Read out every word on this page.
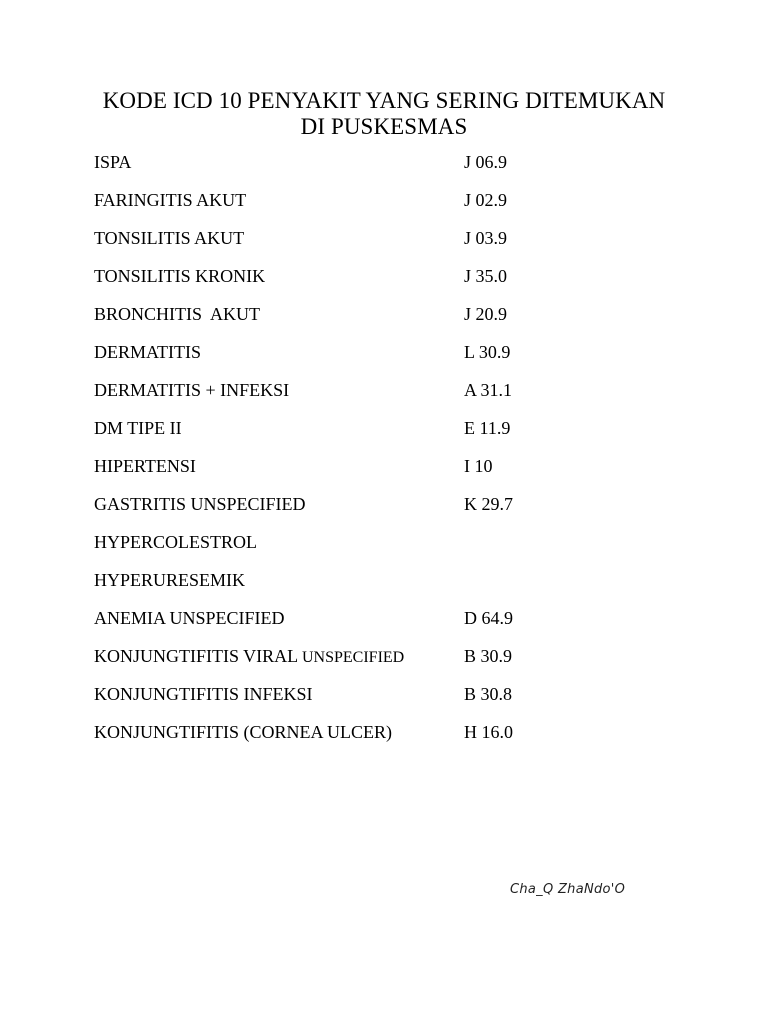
KODE ICD 10 PENYAKIT YANG SERING DITEMUKAN
DI PUSKESMAS
ISPA	J 06.9
FARINGITIS AKUT	J 02.9
TONSILITIS AKUT	J 03.9
TONSILITIS KRONIK	J 35.0
BRONCHITIS  AKUT	J 20.9
DERMATITIS	L 30.9
DERMATITIS + INFEKSI	A 31.1
DM TIPE II	E 11.9
HIPERTENSI	I 10
GASTRITIS UNSPECIFIED	K 29.7
HYPERCOLESTROL
HYPERURESEMIK
ANEMIA UNSPECIFIED	D 64.9
KONJUNGTIFITIS VIRAL UNSPECIFIED	B 30.9
KONJUNGTIFITIS INFEKSI	B 30.8
KONJUNGTIFITIS (CORNEA ULCER)	H 16.0
Cha_Q ZhaNdo'O
